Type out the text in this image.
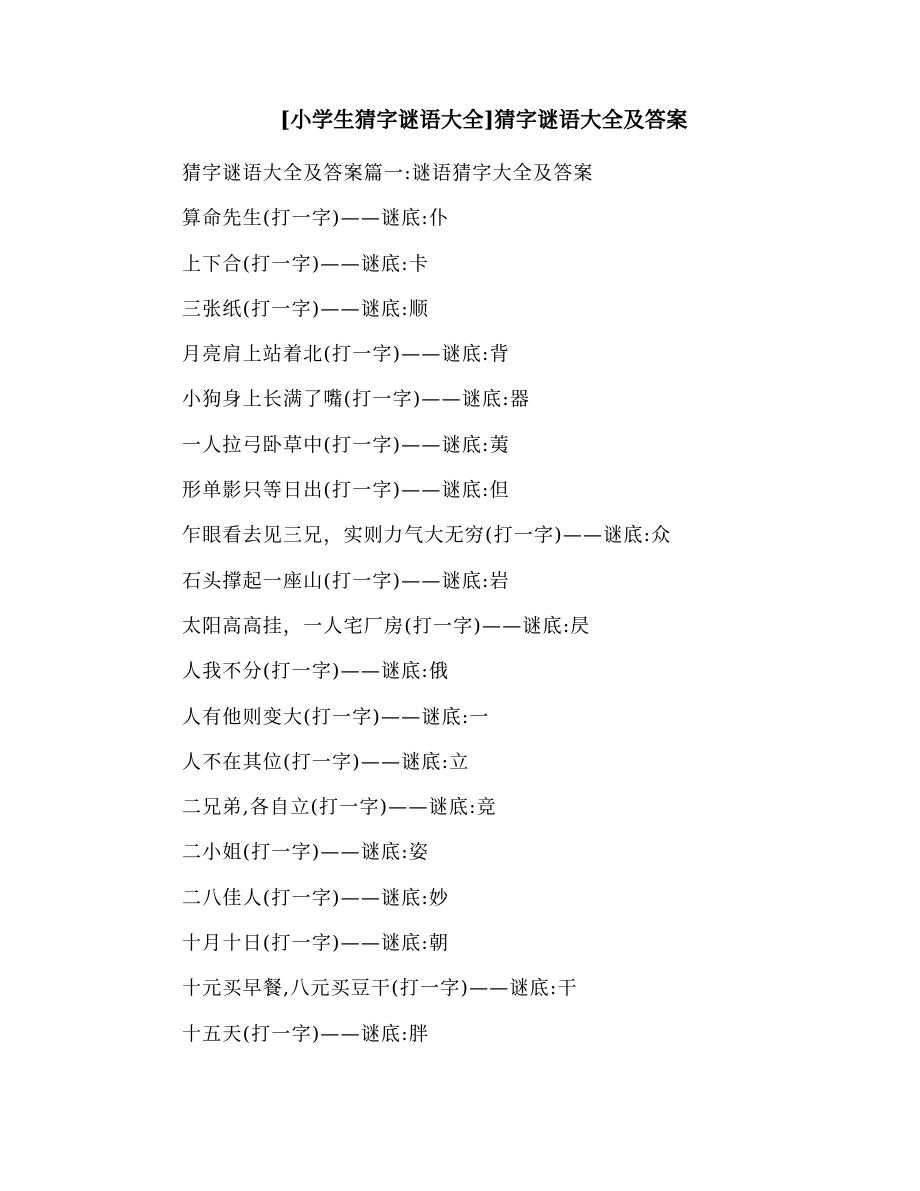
[小学生猜字谜语大全]猜字谜语大全及答案
猜字谜语大全及答案篇一:谜语猜字大全及答案
算命先生(打一字)——谜底:仆
上下合(打一字)——谜底:卡
三张纸(打一字)——谜底:顺
月亮肩上站着北(打一字)——谜底:背
小狗身上长满了嘴(打一字)——谜底:器
一人拉弓卧草中(打一字)——谜底:荑
形单影只等日出(打一字)——谜底:但
乍眼看去见三兄，实则力气大无穷(打一字)——谜底:众
石头撑起一座山(打一字)——谜底:岩
太阳高高挂，一人宅厂房(打一字)——谜底:昃
人我不分(打一字)——谜底:俄
人有他则变大(打一字)——谜底:一
人不在其位(打一字)——谜底:立
二兄弟,各自立(打一字)——谜底:竞
二小姐(打一字)——谜底:姿
二八佳人(打一字)——谜底:妙
十月十日(打一字)——谜底:朝
十元买早餐,八元买豆干(打一字)——谜底:干
十五天(打一字)——谜底:胖
